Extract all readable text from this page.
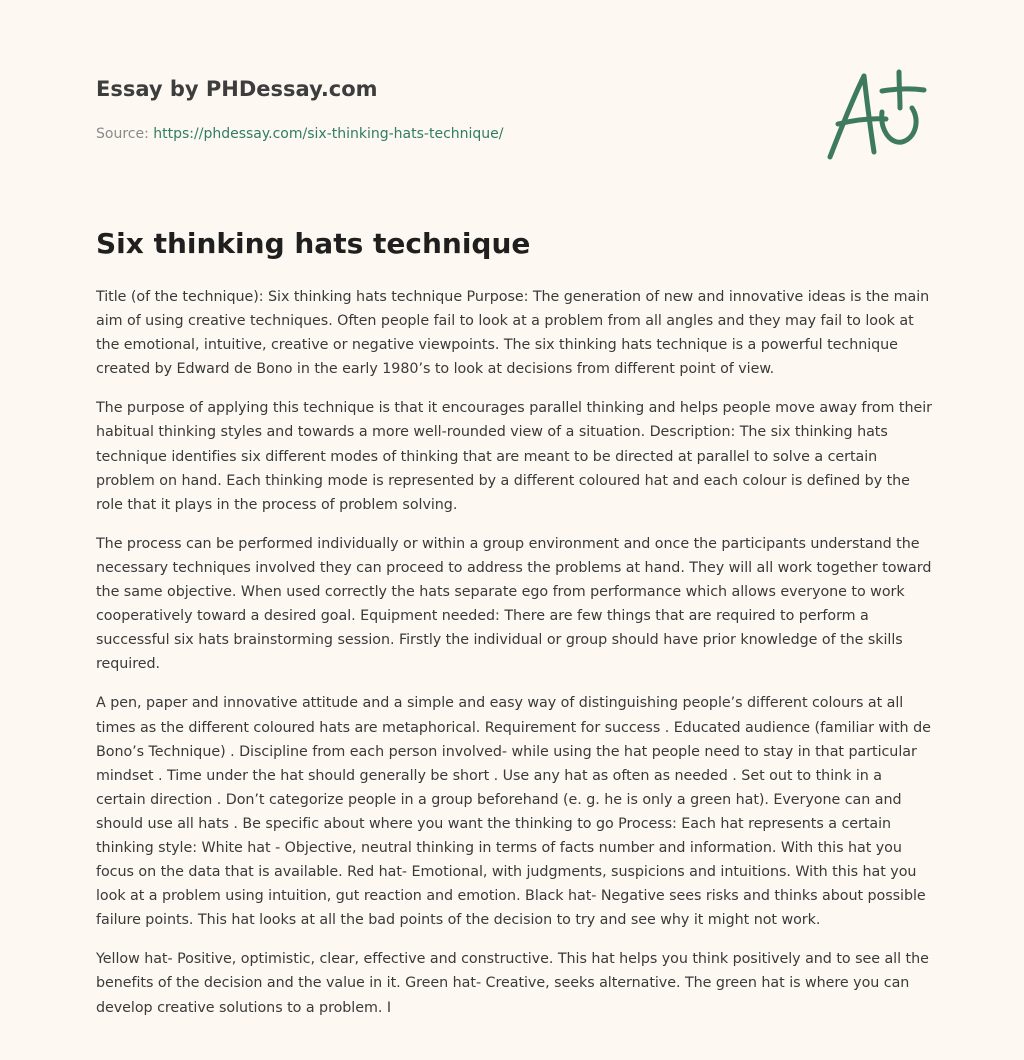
Essay by PHDessay.com
Source: https://phdessay.com/six-thinking-hats-technique/
Six thinking hats technique

Title (of the technique): Six thinking hats technique Purpose: The generation of new and innovative ideas is the main aim of using creative techniques. Often people fail to look at a problem from all angles and they may fail to look at the emotional, intuitive, creative or negative viewpoints. The six thinking hats technique is a powerful technique created by Edward de Bono in the early 1980’s to look at decisions from different point of view.

The purpose of applying this technique is that it encourages parallel thinking and helps people move away from their habitual thinking styles and towards a more well-rounded view of a situation. Description: The six thinking hats technique identifies six different modes of thinking that are meant to be directed at parallel to solve a certain problem on hand. Each thinking mode is represented by a different coloured hat and each colour is defined by the role that it plays in the process of problem solving.

The process can be performed individually or within a group environment and once the participants understand the necessary techniques involved they can proceed to address the problems at hand. They will all work together toward the same objective. When used correctly the hats separate ego from performance which allows everyone to work cooperatively toward a desired goal. Equipment needed: There are few things that are required to perform a successful six hats brainstorming session. Firstly the individual or group should have prior knowledge of the skills required.

A pen, paper and innovative attitude and a simple and easy way of distinguishing people’s different colours at all times as the different coloured hats are metaphorical. Requirement for success . Educated audience (familiar with de Bono’s Technique) . Discipline from each person involved- while using the hat people need to stay in that particular mindset . Time under the hat should generally be short . Use any hat as often as needed . Set out to think in a certain direction . Don’t categorize people in a group beforehand (e. g. he is only a green hat). Everyone can and should use all hats . Be specific about where you want the thinking to go Process: Each hat represents a certain thinking style: White hat - Objective, neutral thinking in terms of facts number and information. With this hat you focus on the data that is available. Red hat- Emotional, with judgments, suspicions and intuitions. With this hat you look at a problem using intuition, gut reaction and emotion. Black hat- Negative sees risks and thinks about possible failure points. This hat looks at all the bad points of the decision to try and see why it might not work.

Yellow hat- Positive, optimistic, clear, effective and constructive. This hat helps you think positively and to see all the benefits of the decision and the value in it. Green hat- Creative, seeks alternative. The green hat is where you can develop creative solutions to a problem. I
